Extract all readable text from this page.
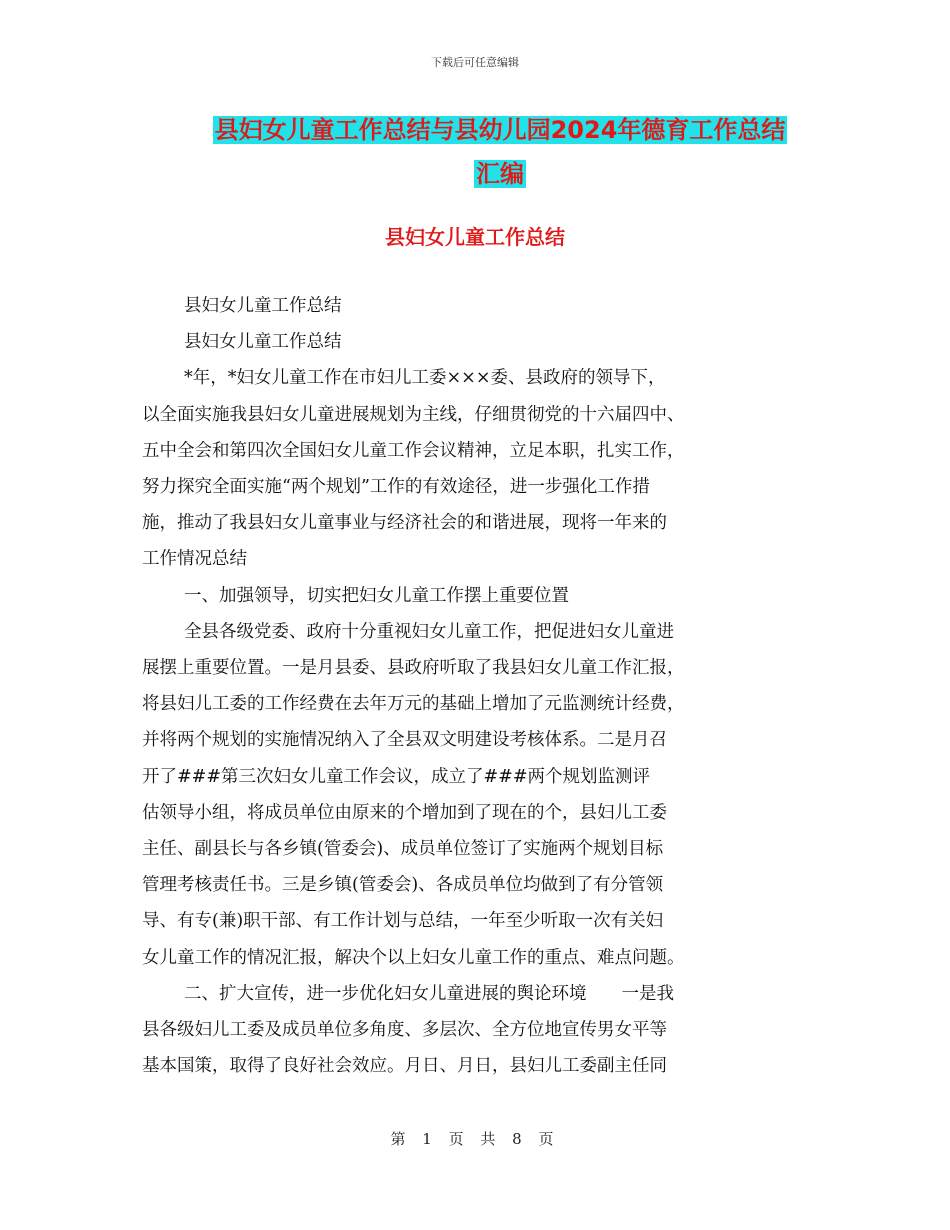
下载后可任意编辑
县妇女儿童工作总结与县幼儿园2024年德育工作总结
汇编
县妇女儿童工作总结

县妇女儿童工作总结

县妇女儿童工作总结

*年，*妇女儿童工作在市妇儿工委×××委、县政府的领导下，
以全面实施我县妇女儿童进展规划为主线，仔细贯彻党的十六届四中、
五中全会和第四次全国妇女儿童工作会议精神，立足本职，扎实工作，
努力探究全面实施“两个规划”工作的有效途径，进一步强化工作措
施，推动了我县妇女儿童事业与经济社会的和谐进展，现将一年来的
工作情况总结

一、加强领导，切实把妇女儿童工作摆上重要位置

全县各级党委、政府十分重视妇女儿童工作，把促进妇女儿童进
展摆上重要位置。一是月县委、县政府听取了我县妇女儿童工作汇报，
将县妇儿工委的工作经费在去年万元的基础上增加了元监测统计经费，
并将两个规划的实施情况纳入了全县双文明建设考核体系。二是月召
开了###第三次妇女儿童工作会议，成立了###两个规划监测评
估领导小组，将成员单位由原来的个增加到了现在的个，县妇儿工委
主任、副县长与各乡镇(管委会)、成员单位签订了实施两个规划目标
管理考核责任书。三是乡镇(管委会)、各成员单位均做到了有分管领
导、有专(兼)职干部、有工作计划与总结，一年至少听取一次有关妇
女儿童工作的情况汇报，解决个以上妇女儿童工作的重点、难点问题。

二、扩大宣传，进一步优化妇女儿童进展的舆论环境　　一是我
县各级妇儿工委及成员单位多角度、多层次、全方位地宣传男女平等
基本国策，取得了良好社会效应。月日、月日，县妇儿工委副主任同

第 1 页 共 8 页
